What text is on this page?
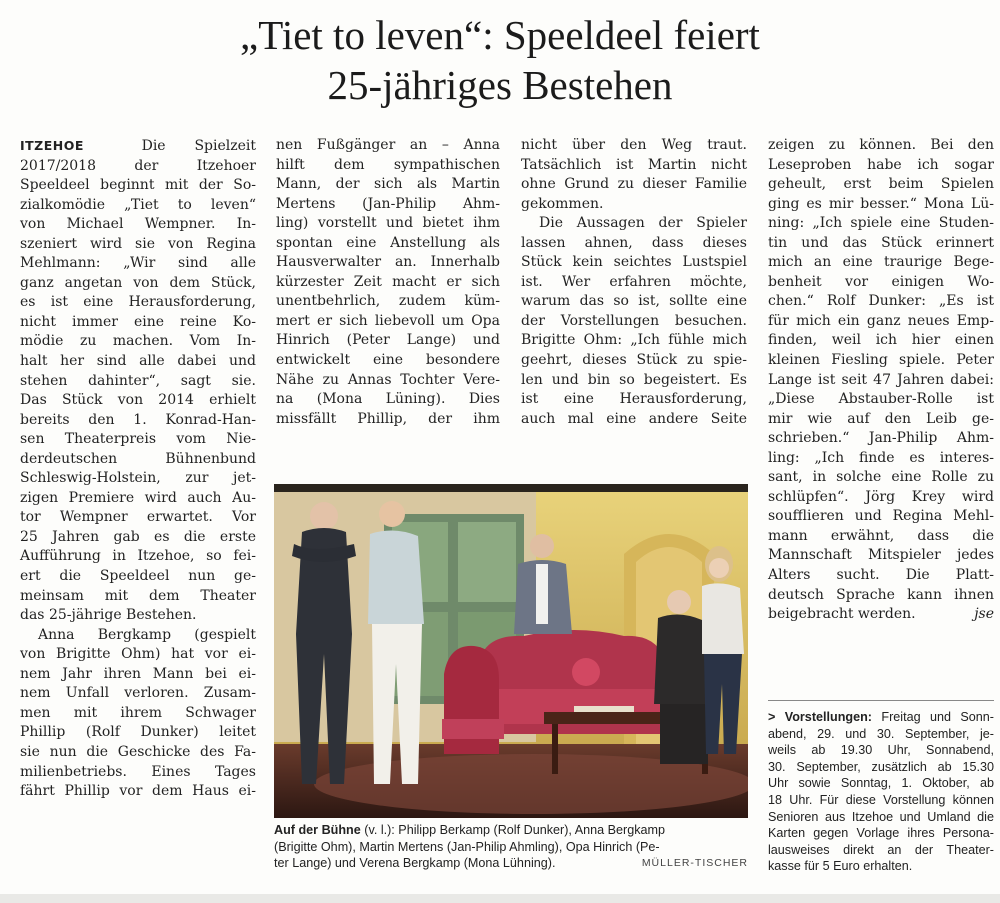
„Tiet to leven“: Speeldeel feiert
25-jähriges Bestehen

ITZEHOE	Die Spielzeit

2017/2018 der Itzehoer

Speeldeel beginnt mit der So-

zialkomödie „Tiet to leven“

von Michael Wempner. In-

szeniert wird sie von Regina

Mehlmann: „Wir sind alle

ganz angetan von dem Stück,

es ist eine Herausforderung,

nicht immer eine reine Ko-

mödie zu machen. Vom In-

halt her sind alle dabei und

stehen dahinter“, sagt sie.

Das Stück von 2014 erhielt

bereits den 1. Konrad-Han-

sen Theaterpreis vom Nie-

derdeutschen Bühnenbund

Schleswig-Holstein, zur jet-

zigen Premiere wird auch Au-

tor Wempner erwartet. Vor

25 Jahren gab es die erste

Aufführung in Itzehoe, so fei-

ert die Speeldeel nun ge-

meinsam mit dem Theater

das 25-jährige Bestehen.

Anna Bergkamp (gespielt

von Brigitte Ohm) hat vor ei-

nem Jahr ihren Mann bei ei-

nem Unfall verloren. Zusam-

men mit ihrem Schwager

Phillip (Rolf Dunker) leitet

sie nun die Geschicke des Fa-

milienbetriebs. Eines Tages

fährt Phillip vor dem Haus ei-

nen Fußgänger an – Anna

hilft dem sympathischen

Mann, der sich als Martin

Mertens (Jan-Philip Ahm-

ling) vorstellt und bietet ihm

spontan eine Anstellung als

Hausverwalter an. Innerhalb

kürzester Zeit macht er sich

unentbehrlich, zudem küm-

mert er sich liebevoll um Opa

Hinrich (Peter Lange) und

entwickelt eine besondere

Nähe zu Annas Tochter Vere-

na (Mona Lüning). Dies

missfällt Phillip, der ihm

nicht über den Weg traut.

Tatsächlich ist Martin nicht

ohne Grund zu dieser Familie

gekommen.

Die Aussagen der Spieler

lassen ahnen, dass dieses

Stück kein seichtes Lustspiel

ist. Wer erfahren möchte,

warum das so ist, sollte eine

der Vorstellungen besuchen.

Brigitte Ohm: „Ich fühle mich

geehrt, dieses Stück zu spie-

len und bin so begeistert. Es

ist eine Herausforderung,

auch mal eine andere Seite

zeigen zu können. Bei den

Leseproben habe ich sogar

geheult, erst beim Spielen

ging es mir besser.“ Mona Lü-

ning: „Ich spiele eine Studen-

tin und das Stück erinnert

mich an eine traurige Bege-

benheit vor einigen Wo-

chen.“ Rolf Dunker: „Es ist

für mich ein ganz neues Emp-

finden, weil ich hier einen

kleinen Fiesling spiele. Peter

Lange ist seit 47 Jahren dabei:

„Diese Abstauber-Rolle ist

mir wie auf den Leib ge-

schrieben.“ Jan-Philip Ahm-

ling: „Ich finde es interes-

sant, in solche eine Rolle zu

schlüpfen“. Jörg Krey wird

soufflieren und Regina Mehl-

mann erwähnt, dass die

Mannschaft Mitspieler jedes

Alters sucht. Die Platt-

deutsch Sprache kann ihnen

beigebracht werden.	jse

Auf der Bühne (v. l.): Philipp Berkamp (Rolf Dunker), Anna Bergkamp

(Brigitte Ohm), Martin Mertens (Jan-Philip Ahmling), Opa Hinrich (Pe-

ter Lange) und Verena Bergkamp (Mona Lühning).	MÜLLER-TISCHER

> Vorstellungen: Freitag und Sonn-

abend, 29. und 30. September, je-

weils ab 19.30 Uhr, Sonnabend,

30. September, zusätzlich ab 15.30

Uhr sowie Sonntag, 1. Oktober, ab

18 Uhr. Für diese Vorstellung können

Senioren aus Itzehoe und Umland die

Karten gegen Vorlage ihres Persona-

lausweises direkt an der Theater-

kasse für 5 Euro erhalten.
